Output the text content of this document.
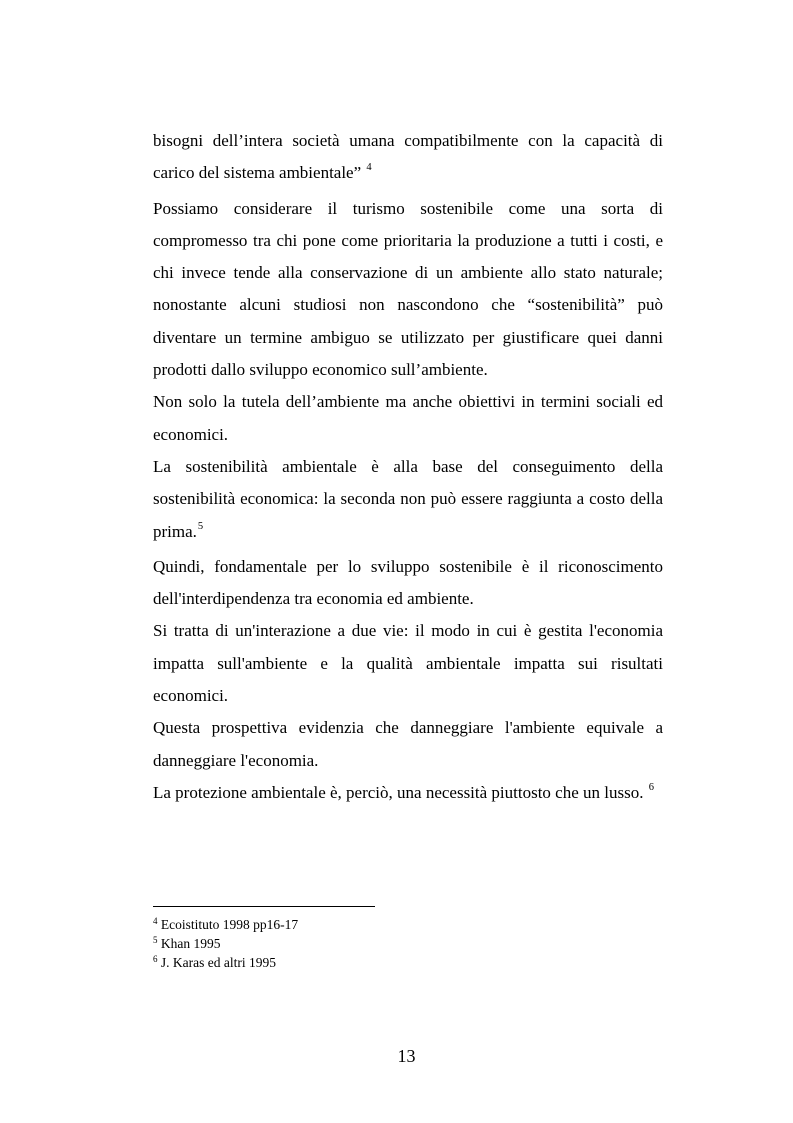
bisogni dell’intera società umana compatibilmente con la capacità di carico del sistema ambientale” $^4$

Possiamo considerare il turismo sostenibile come una sorta di compromesso tra chi pone come prioritaria la produzione a tutti i costi, e chi invece tende alla conservazione di un ambiente allo stato naturale; nonostante alcuni studiosi non nascondono che “sostenibilità” può diventare un termine ambiguo se utilizzato per giustificare quei danni prodotti dallo sviluppo economico sull’ambiente.

Non solo la tutela dell’ambiente ma anche obiettivi in termini sociali ed economici.

La sostenibilità ambientale è alla base del conseguimento della sostenibilità economica: la seconda non può essere raggiunta a costo della prima.$^5$

Quindi, fondamentale per lo sviluppo sostenibile è il riconoscimento dell'interdipendenza tra economia ed ambiente.

Si tratta di un'interazione a due vie: il modo in cui è gestita l'economia impatta sull'ambiente e la qualità ambientale impatta sui risultati economici.

Questa prospettiva evidenzia che danneggiare l'ambiente equivale a danneggiare l'economia.

La protezione ambientale è, perciò, una necessità piuttosto che un lusso. $^6$

$^4$ Ecoistituto 1998 pp16-17

$^5$ Khan 1995

$^6$ J. Karas ed altri 1995

13
